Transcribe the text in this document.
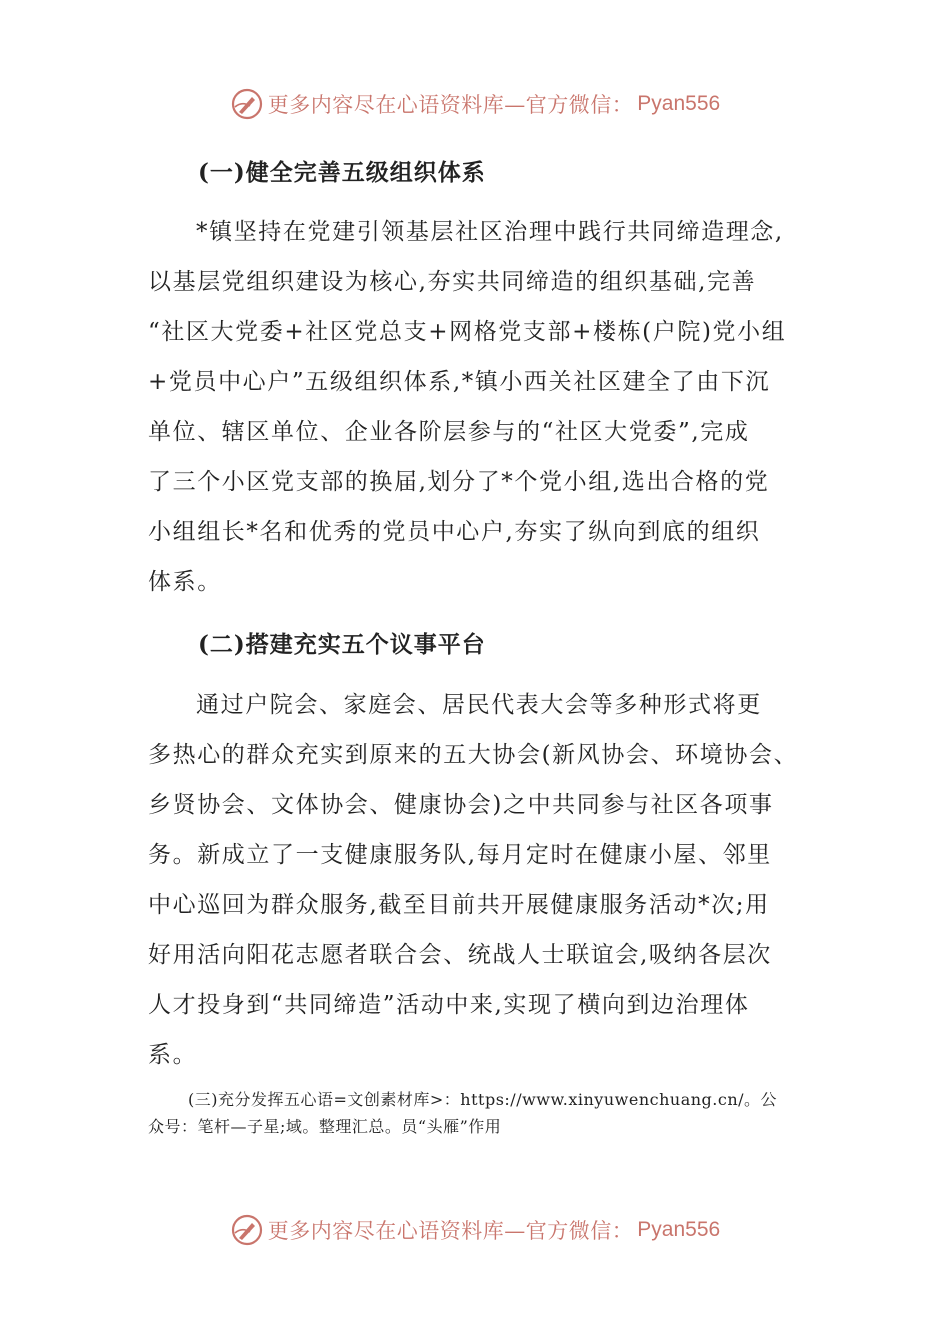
更多内容尽在心语资料库—官方微信： Pyan556
(一)健全完善五级组织体系
*镇坚持在党建引领基层社区治理中践行共同缔造理念,
以基层党组织建设为核心,夯实共同缔造的组织基础,完善
“社区大党委+社区党总支+网格党支部+楼栋(户院)党小组
+党员中心户”五级组织体系,*镇小西关社区建全了由下沉
单位、辖区单位、企业各阶层参与的“社区大党委”,完成
了三个小区党支部的换届,划分了*个党小组,选出合格的党
小组组长*名和优秀的党员中心户,夯实了纵向到底的组织
体系。
(二)搭建充实五个议事平台
通过户院会、家庭会、居民代表大会等多种形式将更
多热心的群众充实到原来的五大协会(新风协会、环境协会、
乡贤协会、文体协会、健康协会)之中共同参与社区各项事
务。新成立了一支健康服务队,每月定时在健康小屋、邻里
中心巡回为群众服务,截至目前共开展健康服务活动*次;用
好用活向阳花志愿者联合会、统战人士联谊会,吸纳各层次
人才投身到“共同缔造”活动中来,实现了横向到边治理体
系。
(三)充分发挥五心语=文创素材库>：https://www.xinyuwenchuang.cn/。公
众号：笔杆—子星;域。整理汇总。员“头雁”作用
更多内容尽在心语资料库—官方微信： Pyan556
